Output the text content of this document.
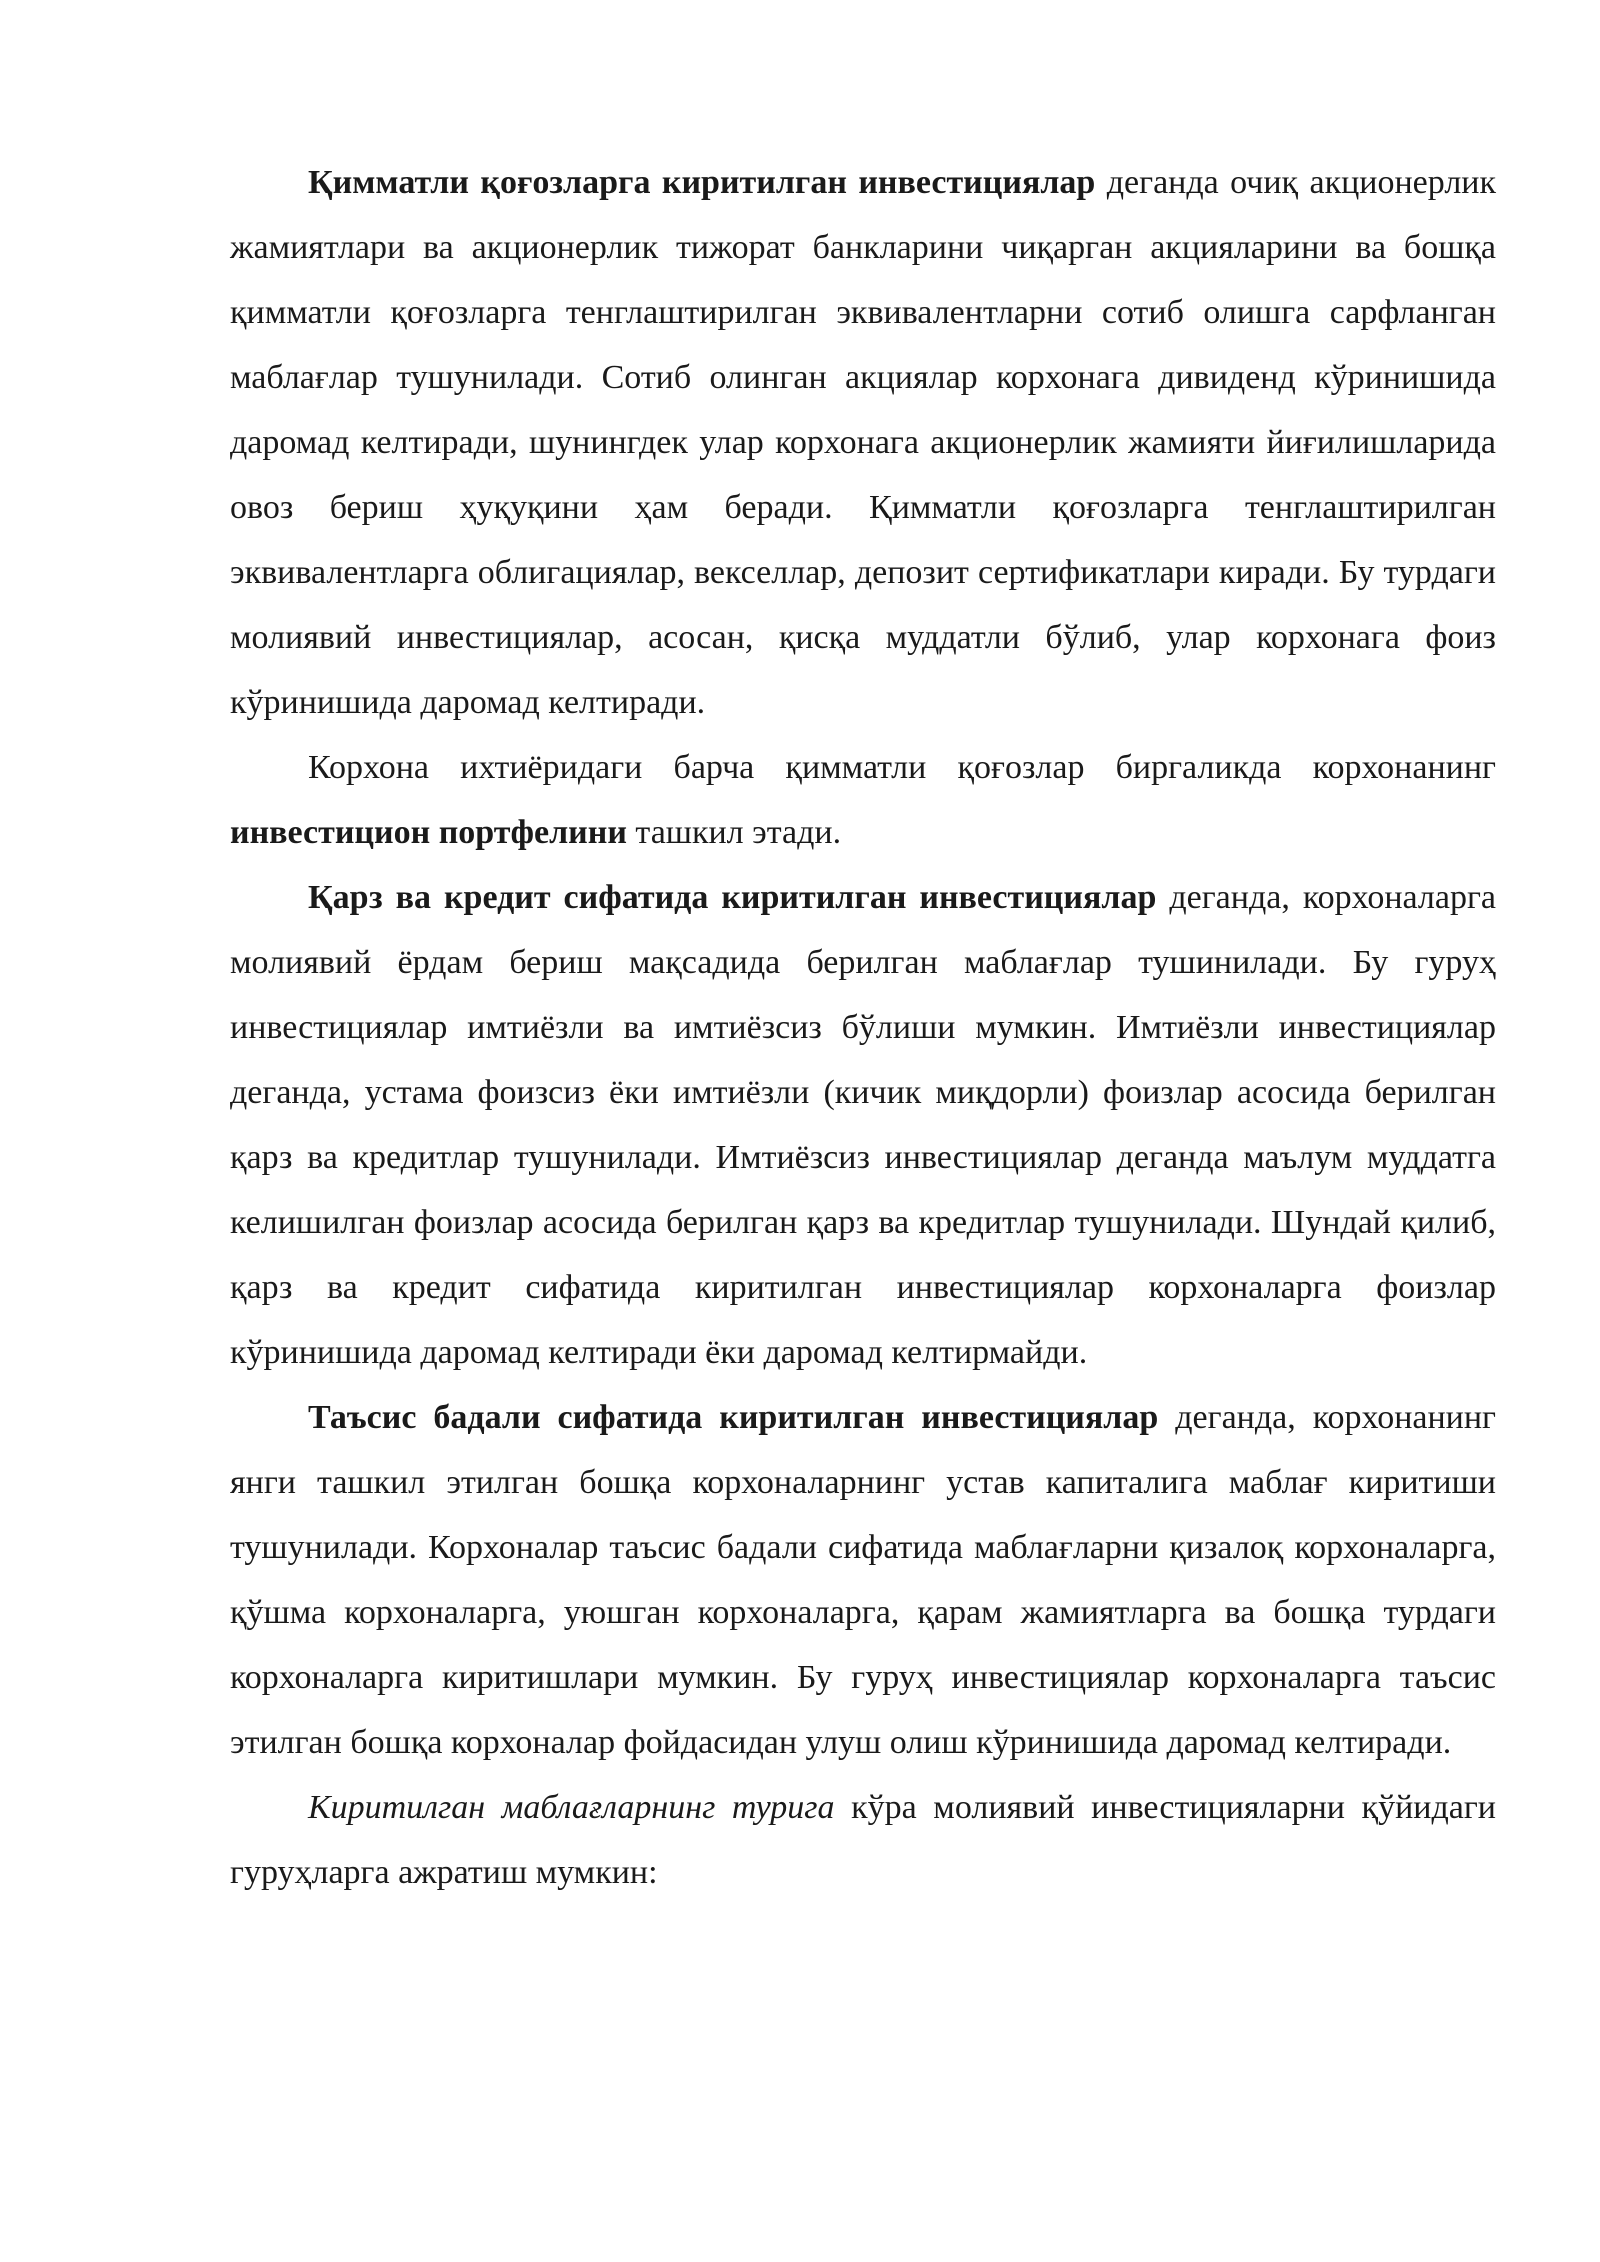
Қимматли қоғозларга киритилган инвестициялар деганда очиқ акционерлик жамиятлари ва акционерлик тижорат банкларини чиқарган акцияларини ва бошқа қимматли қоғозларга тенглаштирилган эквивалентларни сотиб олишга сарфланган маблағлар тушунилади. Сотиб олинган акциялар корхонага дивиденд кўринишида даромад келтиради, шунингдек улар корхонага акционерлик жамияти йиғилишларида овоз бериш ҳуқуқини ҳам беради. Қимматли қоғозларга тенглаштирилган эквивалентларга облигациялар, векселлар, депозит сертификатлари киради. Бу турдаги молиявий инвестициялар, асосан, қисқа муддатли бўлиб, улар корхонага фоиз кўринишида даромад келтиради.

Корхона ихтиёридаги барча қимматли қоғозлар биргаликда корхонанинг инвестицион портфелини ташкил этади.

Қарз ва кредит сифатида киритилган инвестициялар деганда, корхоналарга молиявий ёрдам бериш мақсадида берилган маблағлар тушинилади. Бу гуруҳ инвестициялар имтиёзли ва имтиёзсиз бўлиши мумкин. Имтиёзли инвестициялар деганда, устама фоизсиз ёки имтиёзли (кичик миқдорли) фоизлар асосида берилган қарз ва кредитлар тушунилади. Имтиёзсиз инвестициялар деганда маълум муддатга келишилган фоизлар асосида берилган қарз ва кредитлар тушунилади. Шундай қилиб, қарз ва кредит сифатида киритилган инвестициялар корхоналарга фоизлар кўринишида даромад келтиради ёки даромад келтирмайди.

Таъсис бадали сифатида киритилган инвестициялар деганда, корхонанинг янги ташкил этилган бошқа корхоналарнинг устав капиталига маблағ киритиши тушунилади. Корхоналар таъсис бадали сифатида маблағларни қизалоқ корхоналарга, қўшма корхоналарга, уюшган корхоналарга, қарам жамиятларга ва бошқа турдаги корхоналарга киритишлари мумкин. Бу гуруҳ инвестициялар корхоналарга таъсис этилган бошқа корхоналар фойдасидан улуш олиш кўринишида даромад келтиради.

Киритилган маблағларнинг турига кўра молиявий инвестицияларни қўйидаги гуруҳларга ажратиш мумкин:
